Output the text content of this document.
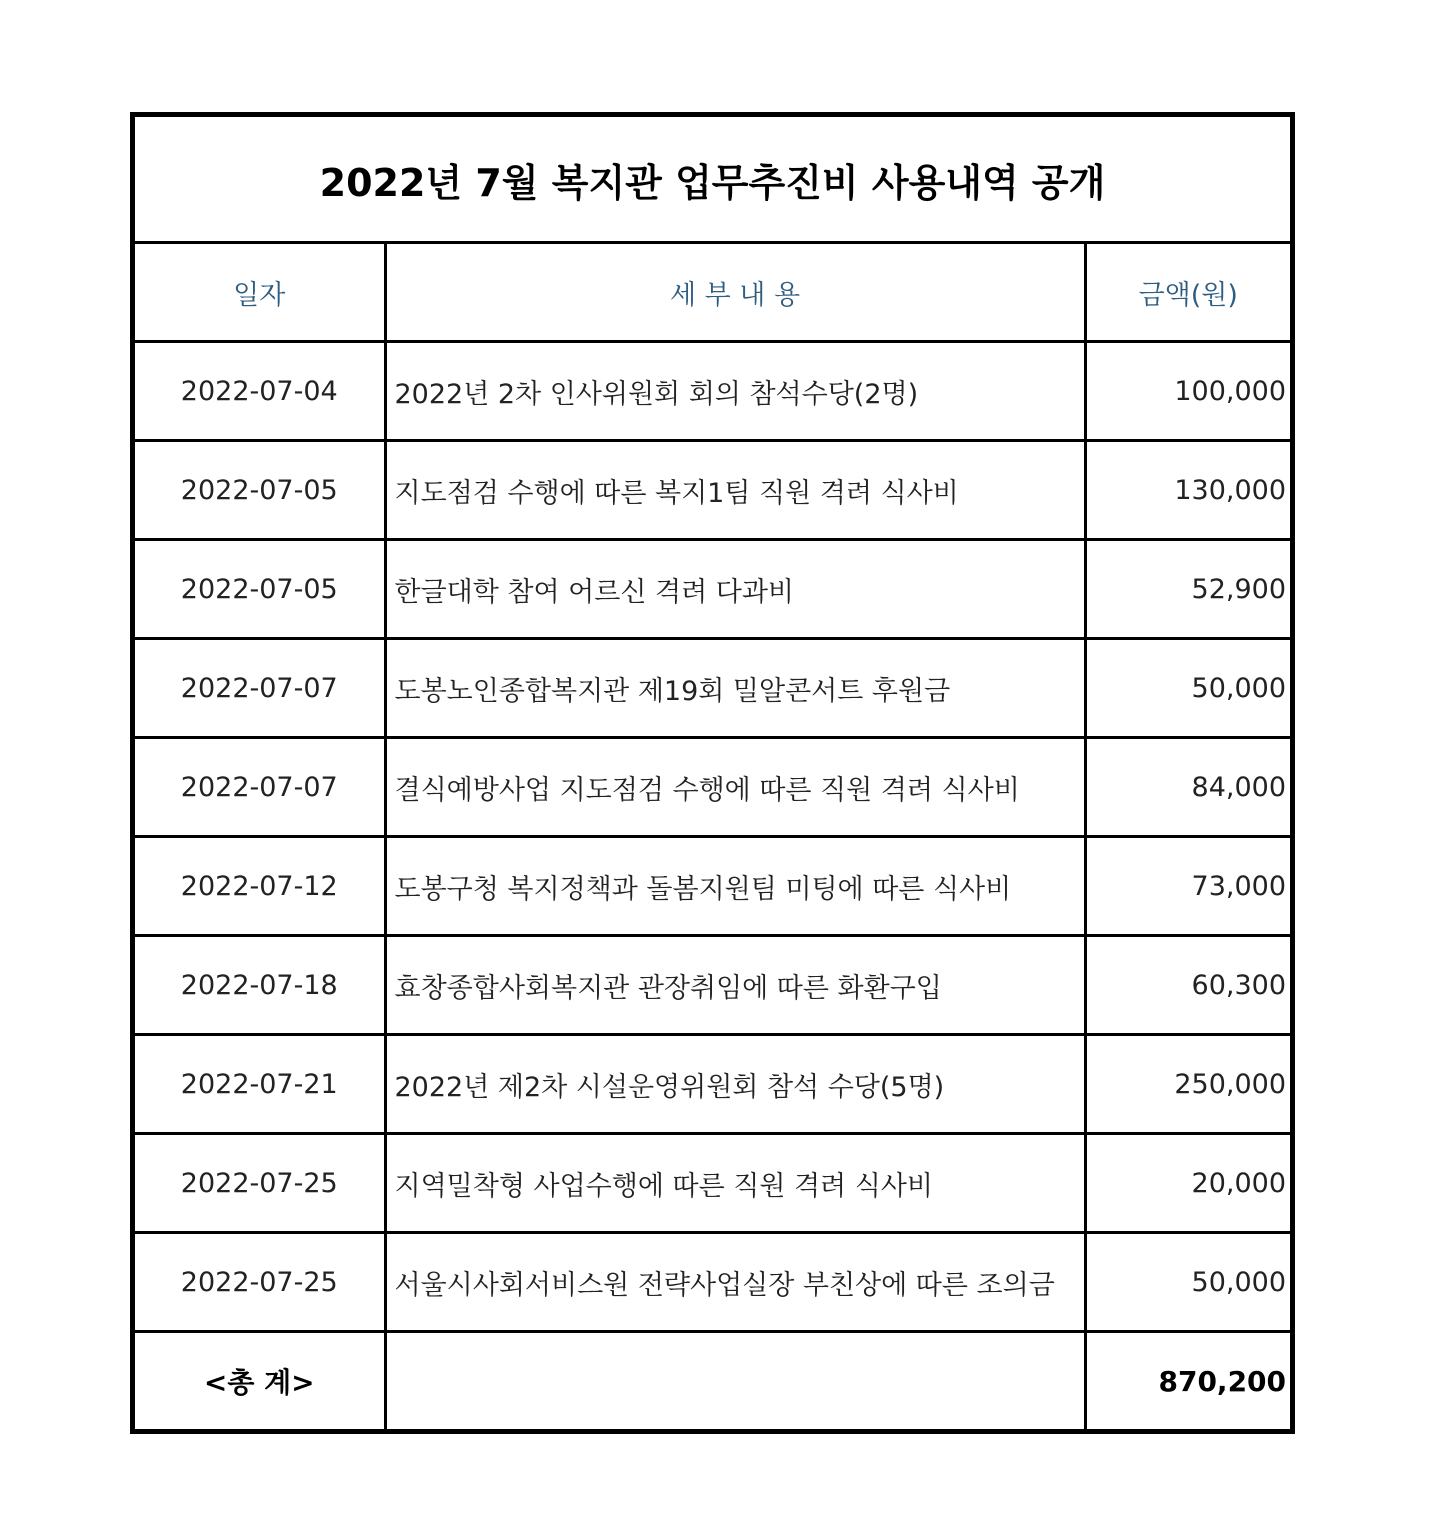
2022년 7월 복지관 업무추진비 사용내역 공개		
일자	세 부 내 용	금액(원)
2022-07-04	2022년 2차 인사위원회 회의 참석수당(2명)	100,000
2022-07-05	지도점검 수행에 따른 복지1팀 직원 격려 식사비	130,000
2022-07-05	한글대학 참여 어르신 격려 다과비	52,900
2022-07-07	도봉노인종합복지관 제19회 밀알콘서트 후원금	50,000
2022-07-07	결식예방사업 지도점검 수행에 따른 직원 격려 식사비	84,000
2022-07-12	도봉구청 복지정책과 돌봄지원팀 미팅에 따른 식사비	73,000
2022-07-18	효창종합사회복지관 관장취임에 따른 화환구입	60,300
2022-07-21	2022년 제2차 시설운영위원회 참석 수당(5명)	250,000
2022-07-25	지역밀착형 사업수행에 따른 직원 격려 식사비	20,000
2022-07-25	서울시사회서비스원 전략사업실장 부친상에 따른 조의금	50,000
<총 계>		870,200
